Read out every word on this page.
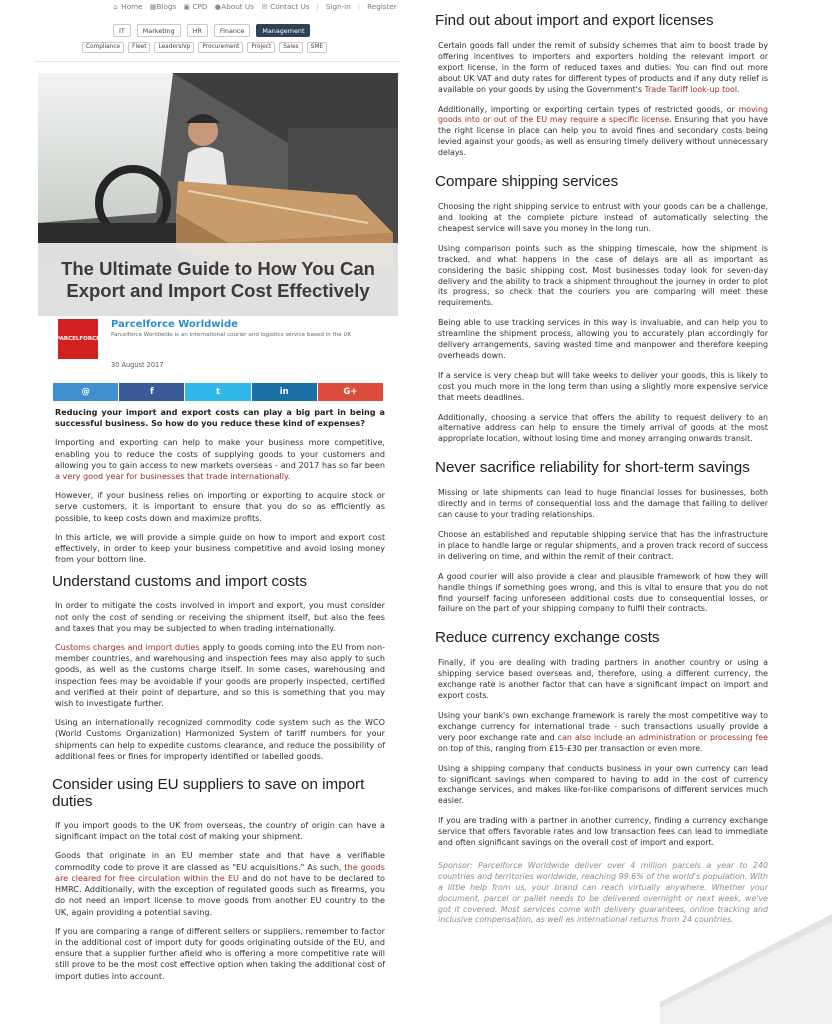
⌂ Home ▦Blogs ▣ CPD ●About Us ✉ Contact Us | Sign-in | Register
IT	Marketing	HR	Finance	Management
Compliance	Fleet	Leadership	Procurement	Project	Sales	SME
The Ultimate Guide to How You Can Export and Import Cost Effectively
PARCELFORCE
Parcelforce Worldwide
Parcelforce Worldwide is an international courier and logistics service based in the UK
30 August 2017
@	f	t	in	G+

Reducing your import and export costs can play a big part in being a successful business. So how do you reduce these kind of expenses?

Importing and exporting can help to make your business more competitive, enabling you to reduce the costs of supplying goods to your customers and allowing you to gain access to new markets overseas - and 2017 has so far been a very good year for businesses that trade internationally.

However, if your business relies on importing or exporting to acquire stock or serve customers, it is important to ensure that you do so as efficiently as possible, to keep costs down and maximize profits.

In this article, we will provide a simple guide on how to import and export cost effectively, in order to keep your business competitive and avoid losing money from your bottom line.

Understand customs and import costs

In order to mitigate the costs involved in import and export, you must consider not only the cost of sending or receiving the shipment itself, but also the fees and taxes that you may be subjected to when trading internationally.

Customs charges and import duties apply to goods coming into the EU from non-member countries, and warehousing and inspection fees may also apply to such goods, as well as the customs charge itself. In some cases, warehousing and inspection fees may be avoidable if your goods are properly inspected, certified and verified at their point of departure, and so this is something that you may wish to investigate further.

Using an internationally recognized commodity code system such as the WCO (World Customs Organization) Harmonized System of tariff numbers for your shipments can help to expedite customs clearance, and reduce the possibility of additional fees or fines for improperly identified or labelled goods.

Consider using EU suppliers to save on import duties

If you import goods to the UK from overseas, the country of origin can have a significant impact on the total cost of making your shipment.

Goods that originate in an EU member state and that have a verifiable commodity code to prove it are classed as "EU acquisitions." As such, the goods are cleared for free circulation within the EU and do not have to be declared to HMRC. Additionally, with the exception of regulated goods such as firearms, you do not need an import license to move goods from another EU country to the UK, again providing a potential saving.

If you are comparing a range of different sellers or suppliers, remember to factor in the additional cost of import duty for goods originating outside of the EU, and ensure that a supplier further afield who is offering a more competitive rate will still prove to be the most cost effective option when taking the additional cost of import duties into account.

Find out about import and export licenses

Certain goods fall under the remit of subsidy schemes that aim to boost trade by offering incentives to importers and exporters holding the relevant import or export license, in the form of reduced taxes and duties. You can find out more about UK VAT and duty rates for different types of products and if any duty relief is available on your goods by using the Government's Trade Tariff look-up tool.

Additionally, importing or exporting certain types of restricted goods, or moving goods into or out of the EU may require a specific license. Ensuring that you have the right license in place can help you to avoid fines and secondary costs being levied against your goods, as well as ensuring timely delivery without unnecessary delays.

Compare shipping services

Choosing the right shipping service to entrust with your goods can be a challenge, and looking at the complete picture instead of automatically selecting the cheapest service will save you money in the long run.

Using comparison points such as the shipping timescale, how the shipment is tracked, and what happens in the case of delays are all as important as considering the basic shipping cost. Most businesses today look for seven-day delivery and the ability to track a shipment throughout the journey in order to plot its progress, so check that the couriers you are comparing will meet these requirements.

Being able to use tracking services in this way is invaluable, and can help you to streamline the shipment process, allowing you to accurately plan accordingly for delivery arrangements, saving wasted time and manpower and therefore keeping overheads down.

If a service is very cheap but will take weeks to deliver your goods, this is likely to cost you much more in the long term than using a slightly more expensive service that meets deadlines.

Additionally, choosing a service that offers the ability to request delivery to an alternative address can help to ensure the timely arrival of goods at the most appropriate location, without losing time and money arranging onwards transit.

Never sacrifice reliability for short-term savings

Missing or late shipments can lead to huge financial losses for businesses, both directly and in terms of consequential loss and the damage that failing to deliver can cause to your trading relationships.

Choose an established and reputable shipping service that has the infrastructure in place to handle large or regular shipments, and a proven track record of success in delivering on time, and within the remit of their contract.

A good courier will also provide a clear and plausible framework of how they will handle things if something goes wrong, and this is vital to ensure that you do not find yourself facing unforeseen additional costs due to consequential losses, or failure on the part of your shipping company to fulfil their contracts.

Reduce currency exchange costs

Finally, if you are dealing with trading partners in another country or using a shipping service based overseas and, therefore, using a different currency, the exchange rate is another factor that can have a significant impact on import and export costs.

Using your bank's own exchange framework is rarely the most competitive way to exchange currency for international trade - such transactions usually provide a very poor exchange rate and can also include an administration or processing fee on top of this, ranging from £15-£30 per transaction or even more.

Using a shipping company that conducts business in your own currency can lead to significant savings when compared to having to add in the cost of currency exchange services, and makes like-for-like comparisons of different services much easier.

If you are trading with a partner in another currency, finding a currency exchange service that offers favorable rates and low transaction fees can lead to immediate and often significant savings on the overall cost of import and export.

Sponsor: Parcelforce Worldwide deliver over 4 million parcels a year to 240 countries and territories worldwide, reaching 99.6% of the world's population. With a little help from us, your brand can reach virtually anywhere. Whether your document, parcel or pallet needs to be delivered overnight or next week, we've got it covered. Most services come with delivery guarantees, online tracking and inclusive compensation, as well as international returns from 24 countries.
